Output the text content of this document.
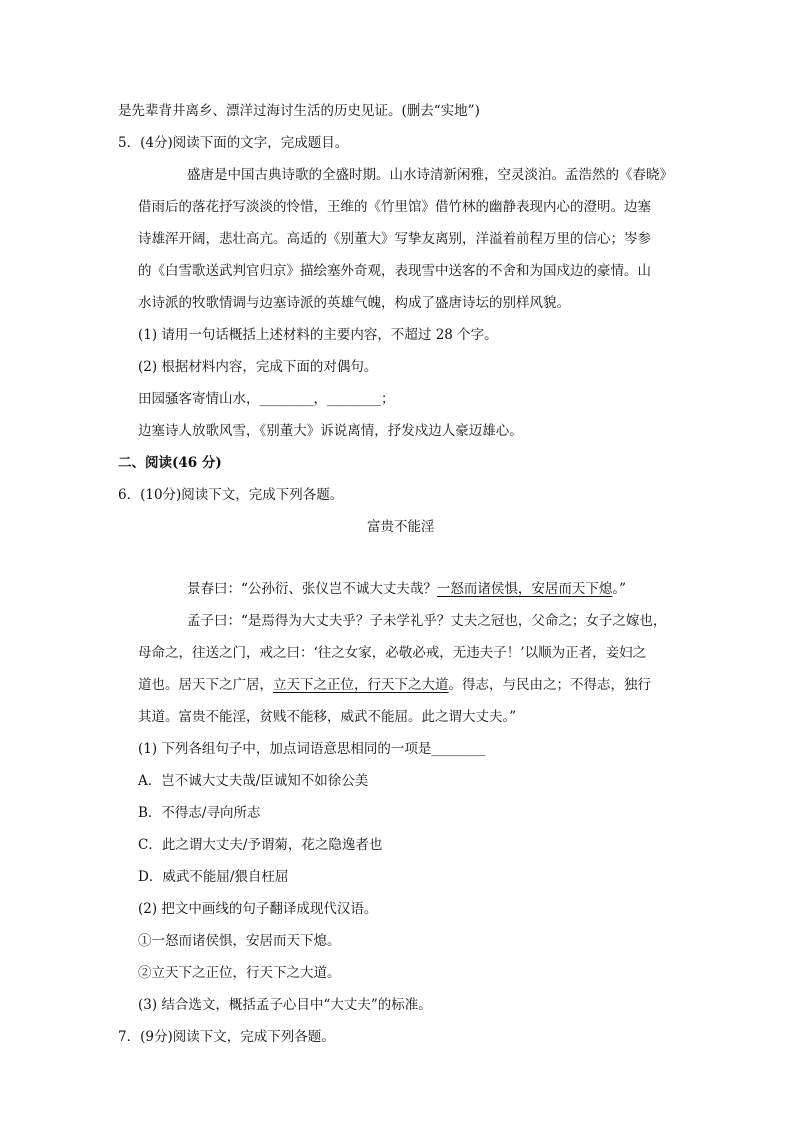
是先辈背井离乡、漂洋过海讨生活的历史见证。(删去“实地”)
5．(4分)阅读下面的文字，完成题目。
盛唐是中国古典诗歌的全盛时期。山水诗清新闲雅，空灵淡泊。孟浩然的《春晓》
借雨后的落花抒写淡淡的怜惜，王维的《竹里馆》借竹林的幽静表现内心的澄明。边塞
诗雄浑开阔，悲壮高亢。高适的《别董大》写挚友离别，洋溢着前程万里的信心；岑参
的《白雪歌送武判官归京》描绘塞外奇观，表现雪中送客的不舍和为国戍边的豪情。山
水诗派的牧歌情调与边塞诗派的英雄气魄，构成了盛唐诗坛的别样风貌。
(1) 请用一句话概括上述材料的主要内容，不超过 28 个字。
(2) 根据材料内容，完成下面的对偶句。
田园骚客寄情山水，________，________；
边塞诗人放歌风雪，《别董大》诉说离情，抒发戍边人豪迈雄心。
二、阅读(46 分)
6．(10分)阅读下文，完成下列各题。
富贵不能淫
景春曰：“公孙衍、张仪岂不诚大丈夫哉？一怒而诸侯惧，安居而天下熄。”
孟子曰：“是焉得为大丈夫乎？子未学礼乎？丈夫之冠也，父命之；女子之嫁也，
母命之，往送之门，戒之曰：‘往之女家，必敬必戒，无违夫子！’以顺为正者，妾妇之
道也。居天下之广居，立天下之正位，行天下之大道。得志，与民由之；不得志，独行
其道。富贵不能淫，贫贱不能移，威武不能屈。此之谓大丈夫。”
(1) 下列各组句子中，加点词语意思相同的一项是________
A．岂不诚大丈夫哉/臣诚知不如徐公美
B．不得志/寻向所志
C．此之谓大丈夫/予谓菊，花之隐逸者也
D．威武不能屈/猥自枉屈
(2) 把文中画线的句子翻译成现代汉语。
①一怒而诸侯惧，安居而天下熄。
②立天下之正位，行天下之大道。
(3) 结合选文，概括孟子心目中“大丈夫”的标准。
7．(9分)阅读下文，完成下列各题。
